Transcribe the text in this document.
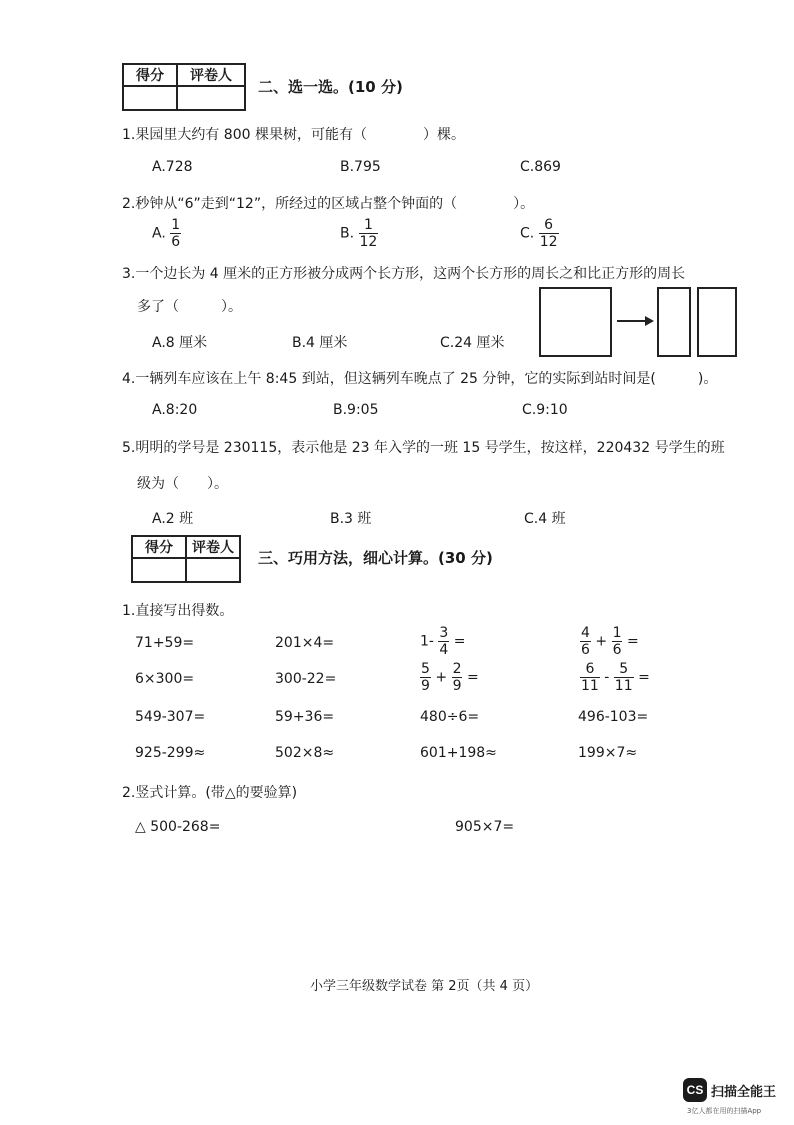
得分	评卷人

二、选一选。(10 分)
1.果园里大约有 800 棵果树，可能有（　　　　）棵。
A.728	B.795	C.869
2.秒钟从“6”走到“12”，所经过的区域占整个钟面的（　　　　）。
A. $\frac{1}{6}$	B. $\frac{1}{12}$	C. $\frac{6}{12}$
3.一个边长为 4 厘米的正方形被分成两个长方形，这两个长方形的周长之和比正方形的周长
多了（　　　）。
A.8 厘米	B.4 厘米	C.24 厘米
4.一辆列车应该在上午 8:45 到站，但这辆列车晚点了 25 分钟，它的实际到站时间是(　　　)。
A.8:20	B.9:05	C.9:10
5.明明的学号是 230115，表示他是 23 年入学的一班 15 号学生，按这样，220432 号学生的班
级为（　　）。
A.2 班	B.3 班	C.4 班
得分	评卷人

三、巧用方法，细心计算。(30 分)
1.直接写出得数。
71+59=	201×4=	$1- \frac{3}{4}$ =	$\frac{4}{6} + \frac{1}{6}$ =
6×300=	300-22=	$\frac{5}{9} + \frac{2}{9}$ =	$\frac{6}{11} - \frac{5}{11}$ =
549-307=	59+36=	480÷6=	496-103=
925-299≈	502×8≈	601+198≈	199×7≈
2.竖式计算。(带△的要验算)
△ 500-268=	905×7=
小学三年级数学试卷 第 2页（共 4 页）
CS 扫描全能王
3亿人都在用的扫描App
